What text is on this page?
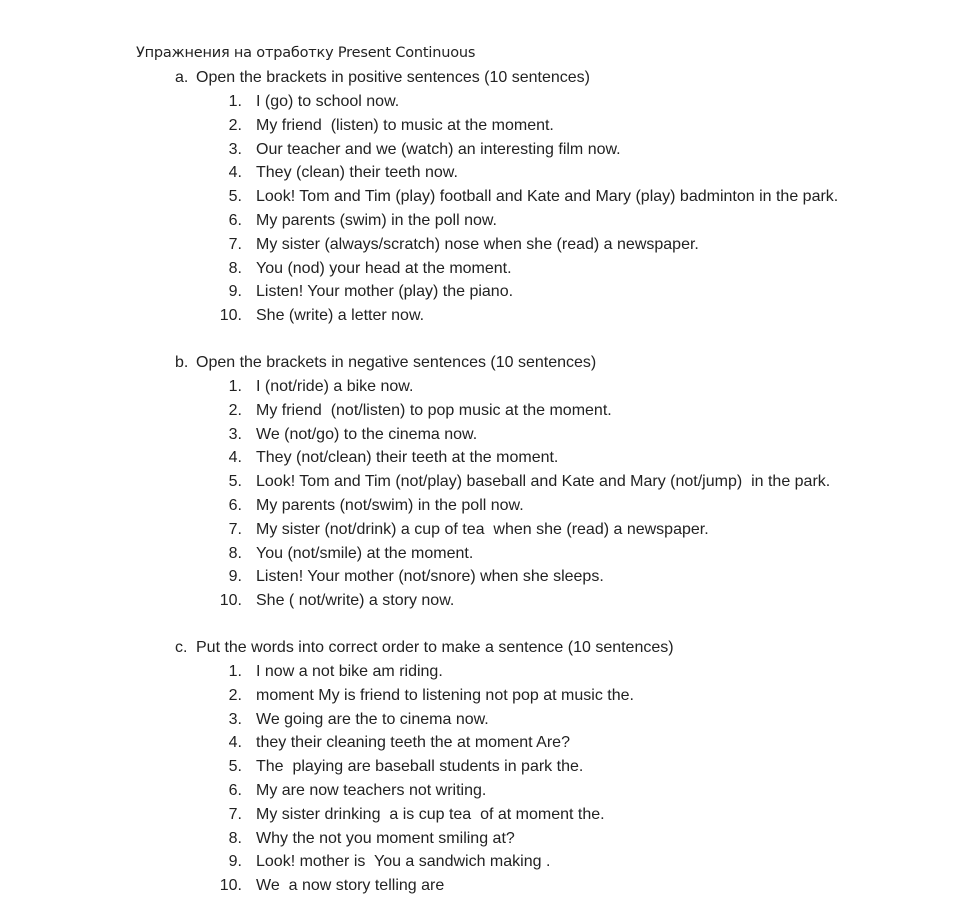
Упражнения на отработку Present Continuous
a. Open the brackets in positive sentences (10 sentences)
1. I (go) to school now.
2. My friend  (listen) to music at the moment.
3. Our teacher and we (watch) an interesting film now.
4. They (clean) their teeth now.
5. Look! Tom and Tim (play) football and Kate and Mary (play) badminton in the park.
6. My parents (swim) in the poll now.
7. My sister (always/scratch) nose when she (read) a newspaper.
8. You (nod) your head at the moment.
9. Listen! Your mother (play) the piano.
10. She (write) a letter now.
b. Open the brackets in negative sentences (10 sentences)
1. I (not/ride) a bike now.
2. My friend  (not/listen) to pop music at the moment.
3. We (not/go) to the cinema now.
4. They (not/clean) their teeth at the moment.
5. Look! Tom and Tim (not/play) baseball and Kate and Mary (not/jump)  in the park.
6. My parents (not/swim) in the poll now.
7. My sister (not/drink) a cup of tea  when she (read) a newspaper.
8. You (not/smile) at the moment.
9. Listen! Your mother (not/snore) when she sleeps.
10. She ( not/write) a story now.
c. Put the words into correct order to make a sentence (10 sentences)
1. I now a not bike am riding.
2. moment My is friend to listening not pop at music the.
3. We going are the to cinema now.
4. they their cleaning teeth the at moment Are?
5. The  playing are baseball students in park the.
6. My are now teachers not writing.
7. My sister drinking  a is cup tea  of at moment the.
8. Why the not you moment smiling at?
9. Look! mother is  You a sandwich making .
10. We  a now story telling are
